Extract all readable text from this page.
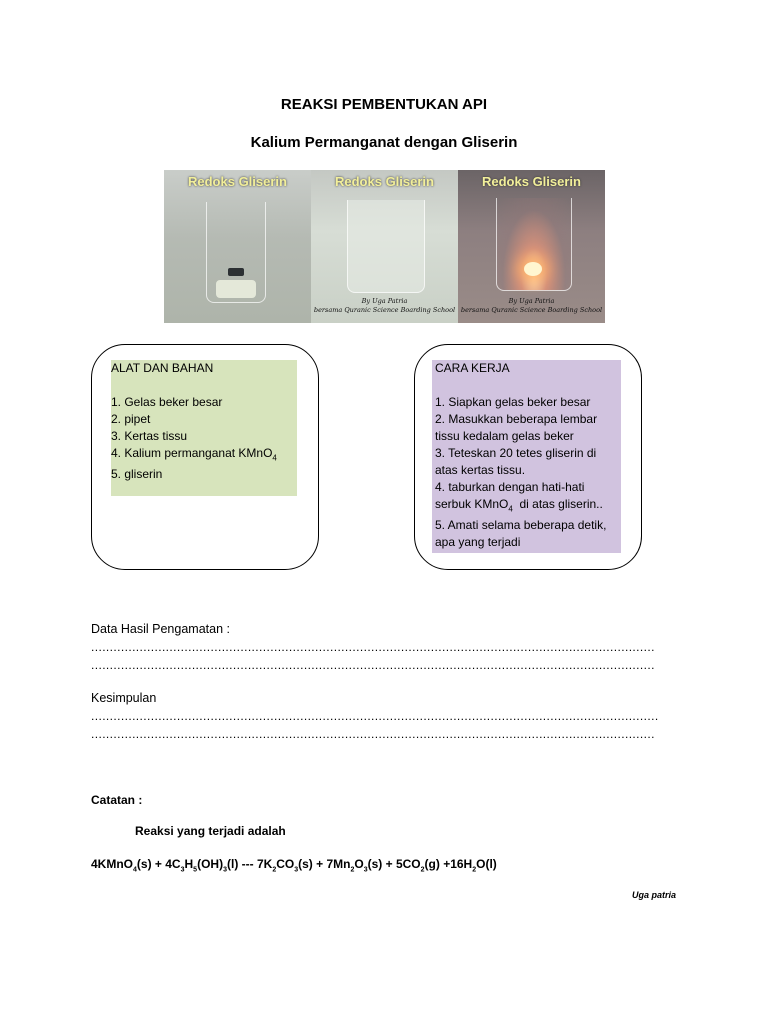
REAKSI PEMBENTUKAN API
Kalium Permanganat dengan Gliserin
Redoks Gliserin	Redoks Gliserin
By Uga Patria
bersama Quranic Science Boarding School
Redoks Gliserin
By Uga Patria
bersama Quranic Science Boarding School
ALAT DAN BAHAN
1. Gelas beker besar
2. pipet
3. Kertas tissu
4. Kalium permanganat KMnO$_4$
5. gliserin
CARA KERJA
1. Siapkan gelas beker besar
2. Masukkan beberapa lembar
tissu kedalam gelas beker
3. Teteskan 20 tetes gliserin di
atas kertas tissu.
4. taburkan dengan hati-hati
serbuk KMnO$_4$  di atas gliserin..
5. Amati selama beberapa detik,
apa yang terjadi
Data Hasil Pengamatan :
.......................................................................................................................................................
.......................................................................................................................................................
Kesimpulan
........................................................................................................................................................
.......................................................................................................................................................
Catatan :
Reaksi yang terjadi adalah
4KMnO$_4$(s) + $4C_3H_5(OH)_3(l)$ --- $7K_2CO_3(s) + 7Mn_2O_3(s) + 5CO_2(g) +16H_2O(l)$
Uga patria
